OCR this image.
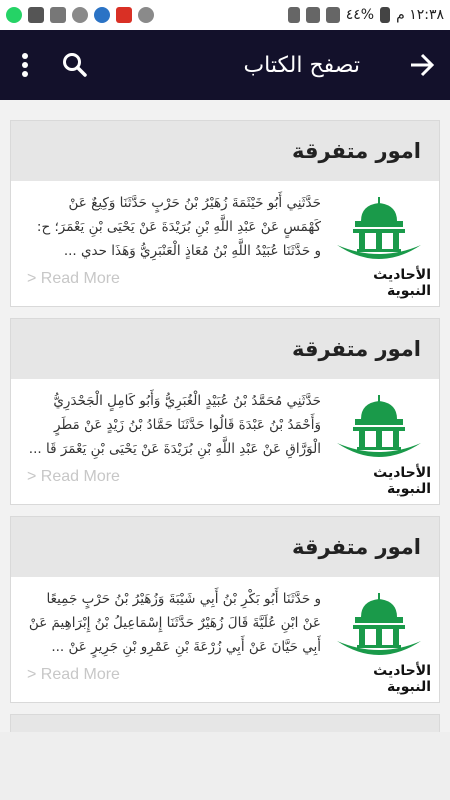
%٤٤ ١٢:٣٨ م
تصفح الكتاب
امور متفرقة
حَدَّثَنِي أَبُو خَيْثَمَةَ زُهَيْرُ بْنُ حَرْبٍ حَدَّثَنَا وَكِيعٌ عَنْ كَهْمَسٍ عَنْ عَبْدِ اللَّهِ بْنِ بُرَيْدَةَ عَنْ يَحْيَى بْنِ يَعْمَرَ؛ ح: و حَدَّثَنَا عُبَيْدُ اللَّهِ بْنُ مُعَاذٍ الْعَنْبَرِيُّ وَهَذَا حدي ...
> Read More	الأحاديث النبوية
امور متفرقة
حَدَّثَنِي مُحَمَّدُ بْنُ عُبَيْدٍ الْغُبَرِيُّ وَأَبُو كَامِلٍ الْجَحْدَرِيُّ وَأَحْمَدُ بْنُ عَبْدَةَ قَالُوا حَدَّثَنَا حَمَّادُ بْنُ زَيْدٍ عَنْ مَطَرٍ الْوَرَّاقِ عَنْ عَبْدِ اللَّهِ بْنِ بُرَيْدَةَ عَنْ يَحْيَى بْنِ يَعْمَرَ قَا ...
> Read More	الأحاديث النبوية
امور متفرقة
و حَدَّثَنَا أَبُو بَكْرِ بْنُ أَبِي شَيْبَةَ وَزُهَيْرُ بْنُ حَرْبٍ جَمِيعًا عَنْ ابْنِ عُلَيَّةَ قَالَ زُهَيْرٌ حَدَّثَنَا إِسْمَاعِيلُ بْنُ إِبْرَاهِيمَ عَنْ أَبِي حَيَّانَ عَنْ أَبِي زُرْعَةَ بْنِ عَمْرِو بْنِ جَرِيرٍ عَنْ ...
> Read More	الأحاديث النبوية
